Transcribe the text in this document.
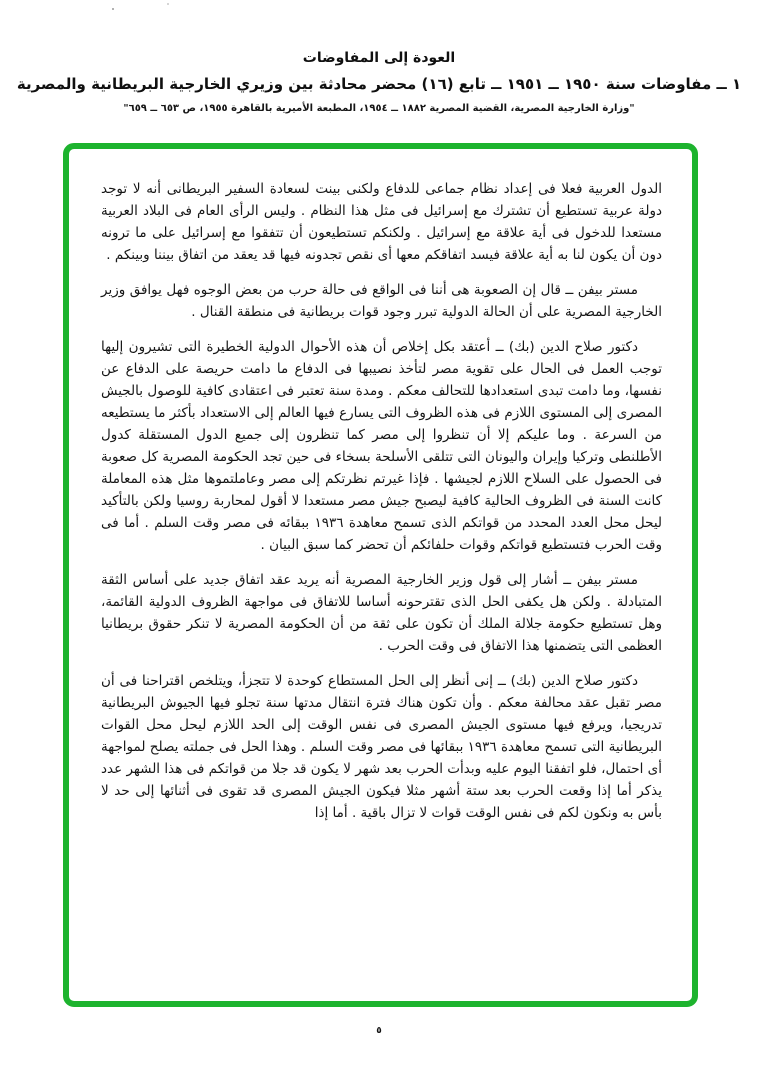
العودة إلى المفاوضات
١ ــ مفاوضات سنة ١٩٥٠ ــ ١٩٥١ ــ تابع (١٦) محضر محادثة بين وزيري الخارجية البريطانية والمصرية
"وزارة الخارجية المصرية، القضية المصرية ١٨٨٢ ــ ١٩٥٤، المطبعة الأميرية بالقاهرة ١٩٥٥، ص ٦٥٣ ــ ٦٥٩"

الدول العربية فعلا فى إعداد نظام جماعى للدفاع ولكنى بينت لسعادة السفير البريطانى أنه لا توجد دولة عربية تستطيع أن تشترك مع إسرائيل فى مثل هذا النظام . وليس الرأى العام فى البلاد العربية مستعدا للدخول فى أية علاقة مع إسرائيل . ولكنكم تستطيعون أن تتفقوا مع إسرائيل على ما ترونه دون أن يكون لنا به أية علاقة فيسد اتفاقكم معها أى نقص تجدونه فيها قد يعقد من اتفاق بيننا وبينكم .

مستر بيفن ــ قال إن الصعوبة هى أننا فى الواقع فى حالة حرب من بعض الوجوه فهل يوافق وزير الخارجية المصرية على أن الحالة الدولية تبرر وجود قوات بريطانية فى منطقة القنال .

دكتور صلاح الدين (بك) ــ أعتقد بكل إخلاص أن هذه الأحوال الدولية الخطيرة التى تشيرون إليها توجب العمل فى الحال على تقوية مصر لتأخذ نصيبها فى الدفاع ما دامت حريصة على الدفاع عن نفسها، وما دامت تبدى استعدادها للتحالف معكم . ومدة سنة تعتبر فى اعتقادى كافية للوصول بالجيش المصرى إلى المستوى اللازم فى هذه الظروف التى يسارع فيها العالم إلى الاستعداد بأكثر ما يستطيعه من السرعة . وما عليكم إلا أن تنظروا إلى مصر كما تنظرون إلى جميع الدول المستقلة كدول الأطلنطى وتركيا وإيران واليونان التى تتلقى الأسلحة بسخاء فى حين تجد الحكومة المصرية كل صعوبة فى الحصول على السلاح اللازم لجيشها . فإذا غيرتم نظرتكم إلى مصر وعاملتموها مثل هذه المعاملة كانت السنة فى الظروف الحالية كافية ليصبح جيش مصر مستعدا لا أقول لمحاربة روسيا ولكن بالتأكيد ليحل محل العدد المحدد من قواتكم الذى تسمح معاهدة ١٩٣٦ ببقائه فى مصر وقت السلم . أما فى وقت الحرب فتستطيع قواتكم وقوات حلفائكم أن تحضر كما سبق البيان .

مستر بيفن ــ أشار إلى قول وزير الخارجية المصرية أنه يريد عقد اتفاق جديد على أساس الثقة المتبادلة . ولكن هل يكفى الحل الذى تقترحونه أساسا للاتفاق فى مواجهة الظروف الدولية القائمة، وهل تستطيع حكومة جلالة الملك أن تكون على ثقة من أن الحكومة المصرية لا تنكر حقوق بريطانيا العظمى التى يتضمنها هذا الاتفاق فى وقت الحرب .

دكتور صلاح الدين (بك) ــ إنى أنظر إلى الحل المستطاع كوحدة لا تتجزأ، ويتلخص اقتراحنا فى أن مصر تقبل عقد محالفة معكم . وأن تكون هناك فترة انتقال مدتها سنة تجلو فيها الجيوش البريطانية تدريجيا، ويرفع فيها مستوى الجيش المصرى فى نفس الوقت إلى الحد اللازم ليحل محل القوات البريطانية التى تسمح معاهدة ١٩٣٦ ببقائها فى مصر وقت السلم . وهذا الحل فى جملته يصلح لمواجهة أى احتمال، فلو اتفقنا اليوم عليه وبدأت الحرب بعد شهر لا يكون قد جلا من قواتكم فى هذا الشهر عدد يذكر أما إذا وقعت الحرب بعد ستة أشهر مثلا فيكون الجيش المصرى قد تقوى فى أثنائها إلى حد لا بأس به ونكون لكم فى نفس الوقت قوات لا تزال باقية . أما إذا

٥
